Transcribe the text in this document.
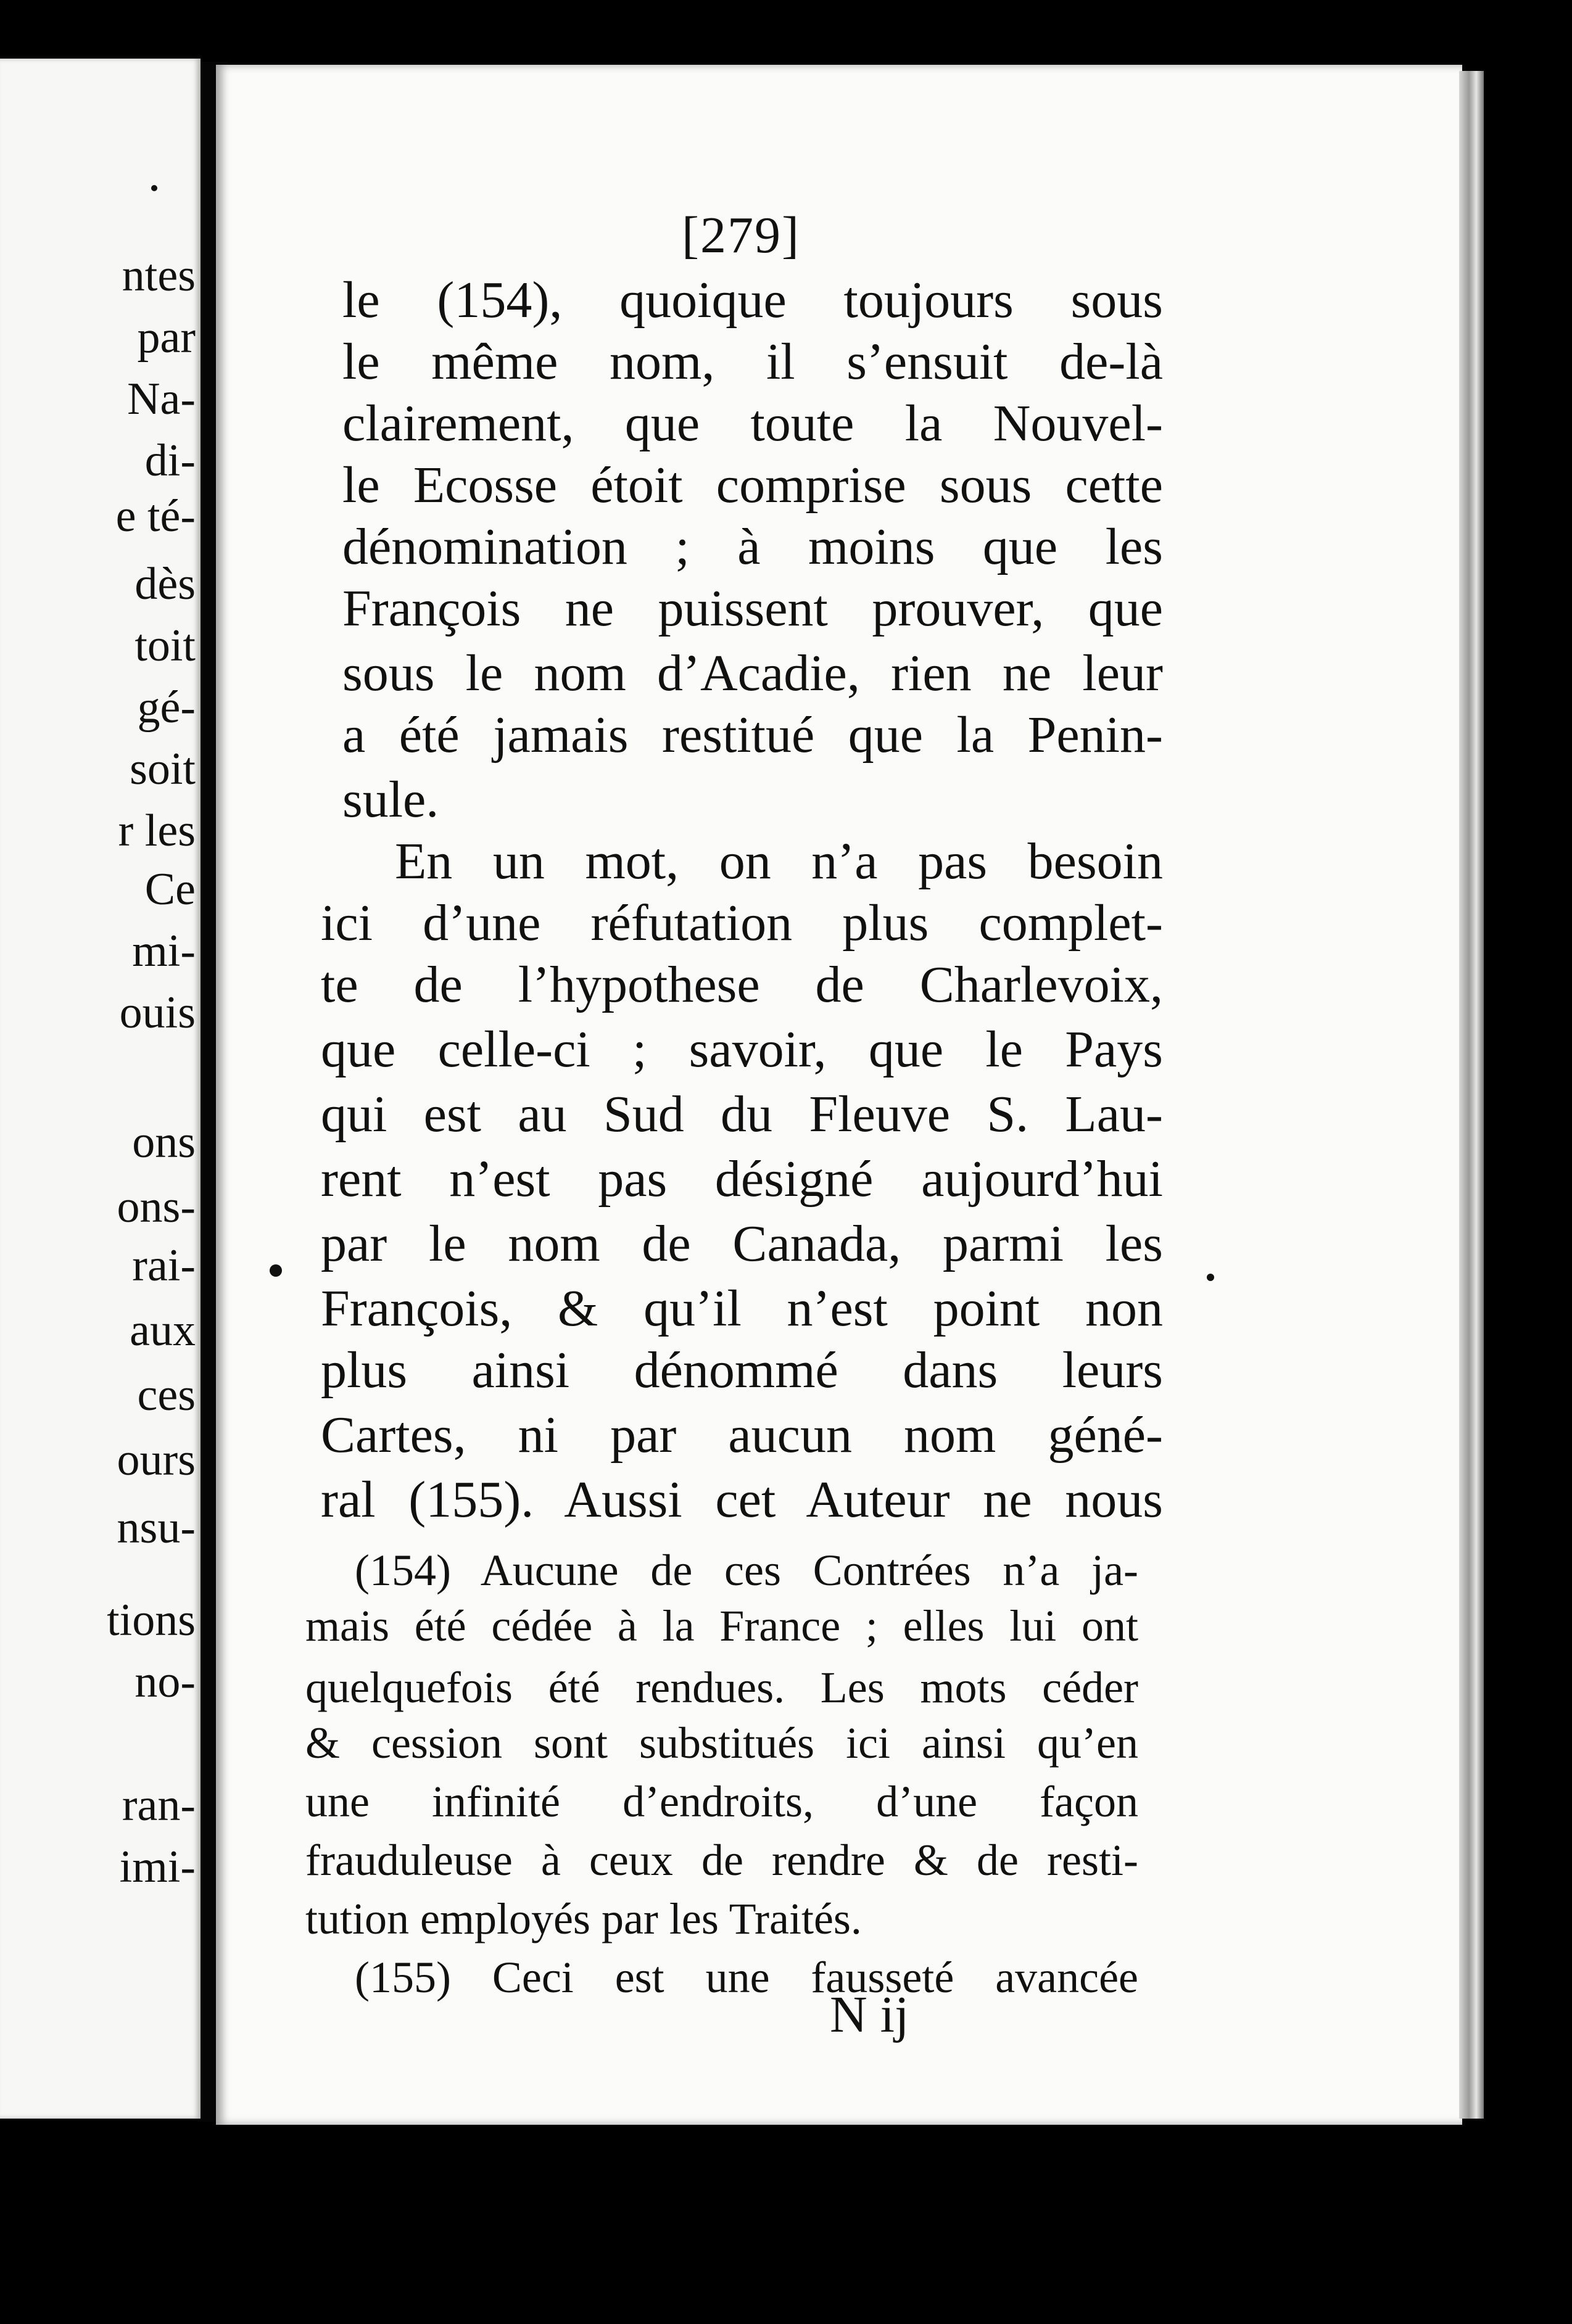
ntes
par
Na-
di-
e té-
dès
toit
gé-
soit
r les
Ce
mi-
ouis
ons
ons-
rai-
aux
ces
ours
nsu-
tions
no-
ran-
imi-
[279]
le (154), quoique toujours sous
le même nom, il s’ensuit de-là
clairement, que toute la Nouvel-
le Ecosse étoit comprise sous cette
dénomination ; à moins que les
François ne puissent prouver, que
sous le nom d’Acadie, rien ne leur
a été jamais restitué que la Penin-
sule.
En un mot, on n’a pas besoin
ici d’une réfutation plus complet-
te de l’hypothese de Charlevoix,
que celle-ci ; savoir, que le Pays
qui est au Sud du Fleuve S. Lau-
rent n’est pas désigné aujourd’hui
par le nom de Canada, parmi les
François, & qu’il n’est point non
plus ainsi dénommé dans leurs
Cartes, ni par aucun nom géné-
ral (155). Aussi cet Auteur ne nous
(154) Aucune de ces Contrées n’a ja-
mais été cédée à la France ; elles lui ont
quelquefois été rendues. Les mots céder
& cession sont substitués ici ainsi qu’en
une infinité d’endroits, d’une façon
frauduleuse à ceux de rendre & de resti-
tution employés par les Traités.
(155) Ceci est une fausseté avancée
N ij
